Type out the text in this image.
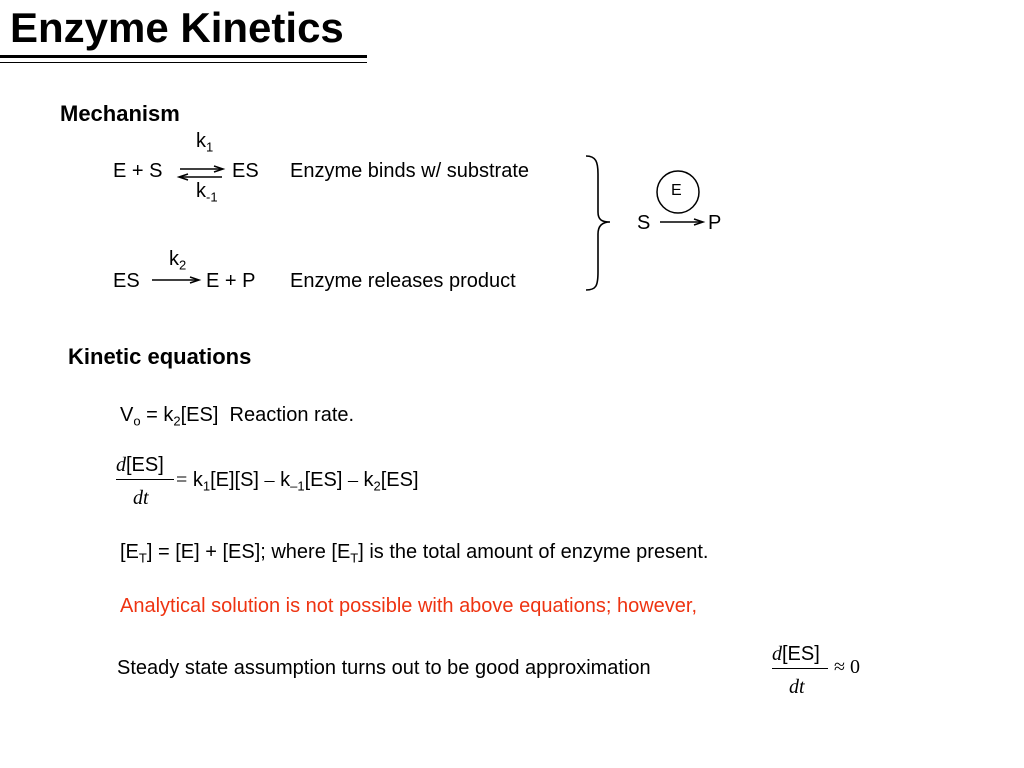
Enzyme Kinetics
Mechanism
$k_1$
E + S ⇌ ES
$k_{-1}$
Enzyme binds w/ substrate
$k_2$
ES	E + P Enzyme releases product
E
S	P
Kinetic equations
$V_o = k_2[ES]$ Reaction rate.
d[ES]
dt
= $k_1[E][S] - k_{-1}[ES] - k_2[ES]$
$[E_T] = [E] + [ES]$; where $[E_T]$ is the total amount of enzyme present.
Analytical solution is not possible with above equations; however,
Steady state assumption turns out to be good approximation
d[ES]
dt
≈ 0
